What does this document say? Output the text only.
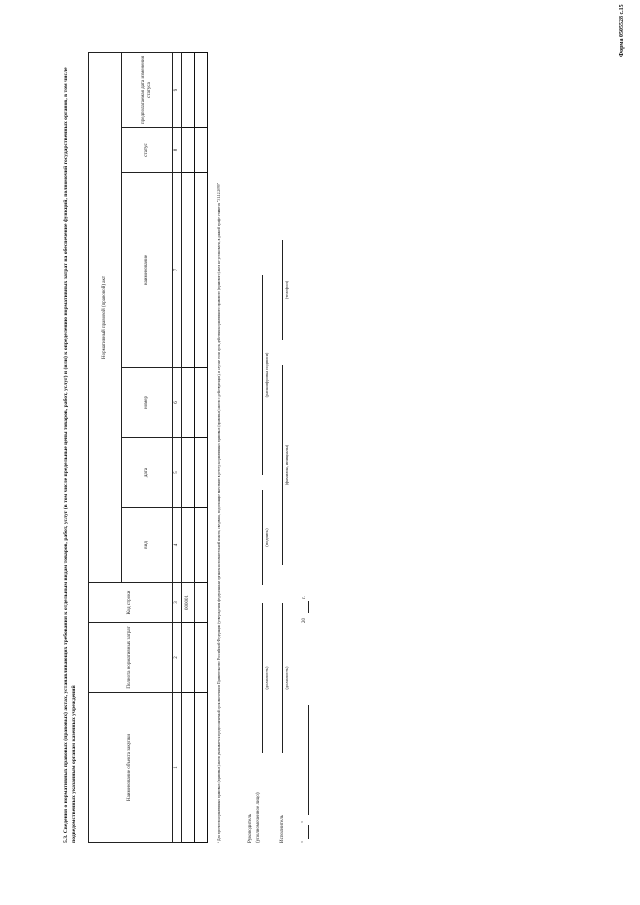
Форма 0505528 с.15
5.3. Сведения о нормативных правовых (правовых) актах, устанавливающих требования к отдельным видам товаров, работ, услуг (в том числе предельные цены товаров, работ, услуг) и (или) к определению нормативных затрат на обеспечение функций, полномочий государственных органов, в том числе подведомственных указанным органам казенных учреждений	Наименование объекта закупки	Полнота нормативных затрат	Код строки	Нормативный правовой (правовой) акт					
			вид	дата	номер	наименование	статус	предполагаемая дата изменения статуса
1	2	3	4	5	6	7	8	9
		000001						
									¹ Для проектов нормативных правовых (правовых) актов указывается предполагаемый срок внесения в Правительство Российской Федерации (утверждения федеральным органом исполнительной власти, сведения, подлежащие внесению в реестр нормативных правовых (правовых) актов о действующих), в случае если срок действия нормативного правового (правового) акта не установлен, в данной графе ставится "31.12.2099"	Руководитель (уполномоченное лицо)
(должность)
(подпись)
(расшифровка подписи)
Исполнитель
(должность)
(фамилия, инициалы)
(телефон)
"
"
20
г.
